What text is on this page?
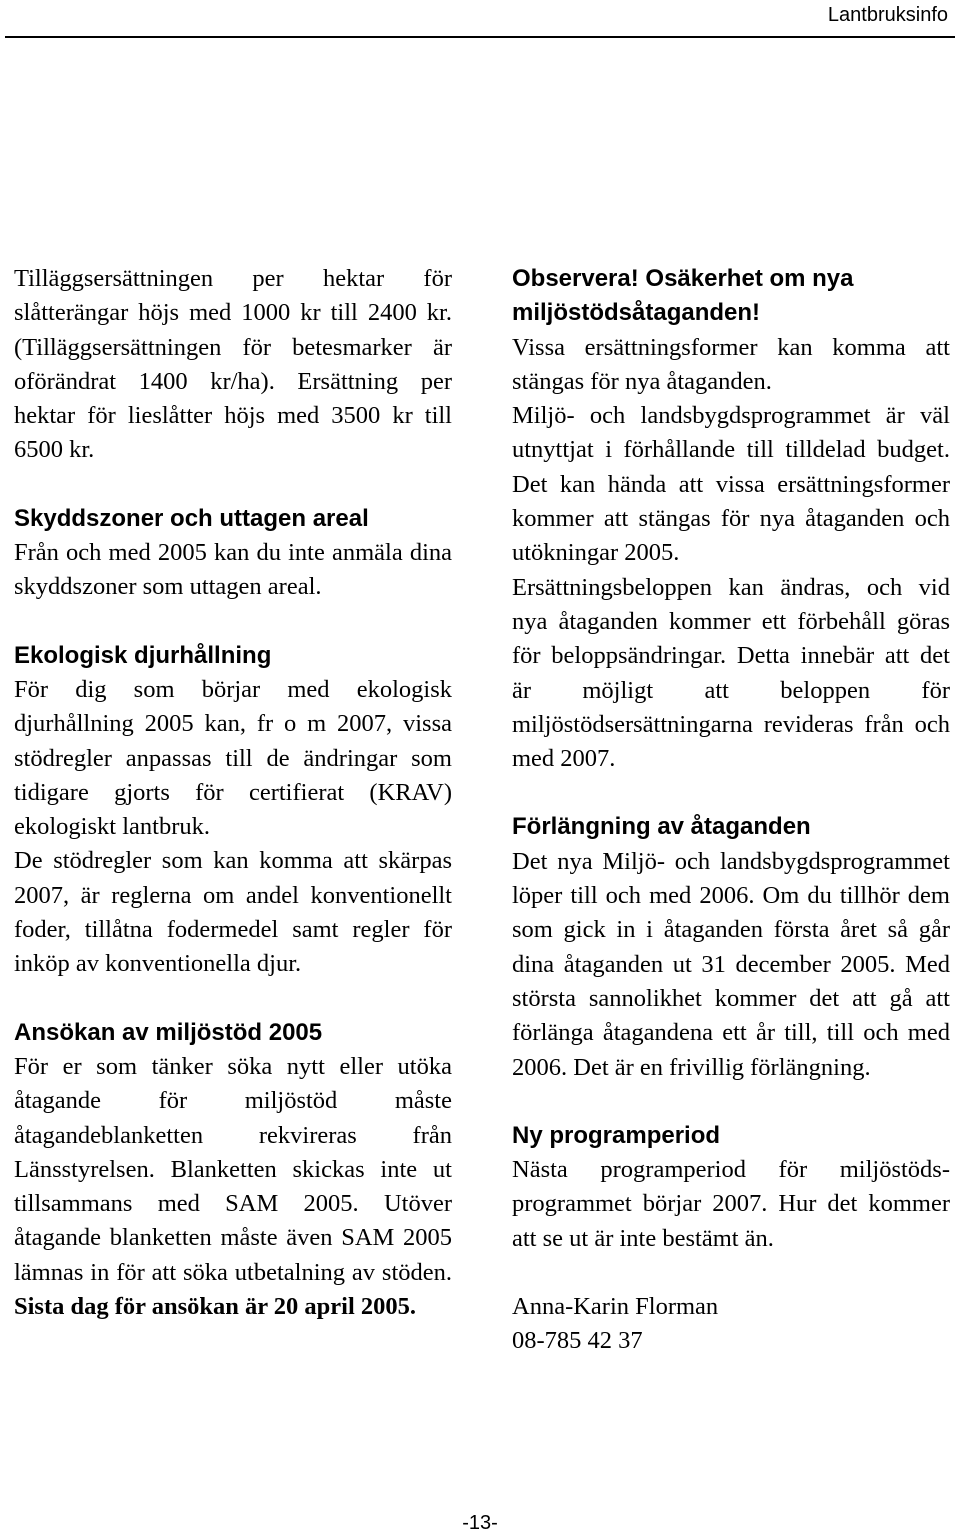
Lantbruksinfo

Tilläggsersättningen per hektar för slåtterängar höjs med 1000 kr till 2400 kr. (Tilläggsersättningen för betesmarker är oförändrat 1400 kr/ha). Ersättning per hektar för lieslåtter höjs med 3500 kr till 6500 kr.

Skyddszoner och uttagen areal

Från och med 2005 kan du inte anmäla dina skyddszoner som uttagen areal.

Ekologisk djurhållning

För dig som börjar med ekologisk djurhållning 2005 kan, fr o m 2007, vissa stödregler anpassas till de ändringar som tidigare gjorts för certifierat (KRAV) ekologiskt lantbruk.

De stödregler som kan komma att skärpas 2007, är reglerna om andel konventionellt foder, tillåtna fodermedel samt regler för inköp av konventionella djur.

Ansökan av miljöstöd 2005

För er som tänker söka nytt eller utöka åtagande för miljöstöd måste åtagandeblanketten rekvireras från Länsstyrelsen. Blanketten skickas inte ut tillsammans med SAM 2005. Utöver åtagande blanketten måste även SAM 2005 lämnas in för att söka utbetalning av stöden. Sista dag för ansökan är 20 april 2005.

Observera! Osäkerhet om nya miljöstödsåtaganden!

Vissa ersättningsformer kan komma att stängas för nya åtaganden.

Miljö- och landsbygdsprogrammet är väl utnyttjat i förhållande till tilldelad budget. Det kan hända att vissa ersättningsformer kommer att stängas för nya åtaganden och utökningar 2005.

Ersättningsbeloppen kan ändras, och vid nya åtaganden kommer ett förbehåll göras för beloppsändringar. Detta innebär att det är möjligt att beloppen för miljöstödsersättningarna revideras från och med 2007.

Förlängning av åtaganden

Det nya Miljö- och landsbygdsprogrammet löper till och med 2006. Om du tillhör dem som gick in i åtaganden första året så går dina åtaganden ut 31 december 2005. Med största sannolikhet kommer det att gå att förlänga åtagandena ett år till, till och med 2006. Det är en frivillig förlängning.

Ny programperiod

Nästa programperiod för miljöstödsprogrammet börjar 2007. Hur det kommer att se ut är inte bestämt än.

Anna-Karin Florman

08-785 42 37

-13-
